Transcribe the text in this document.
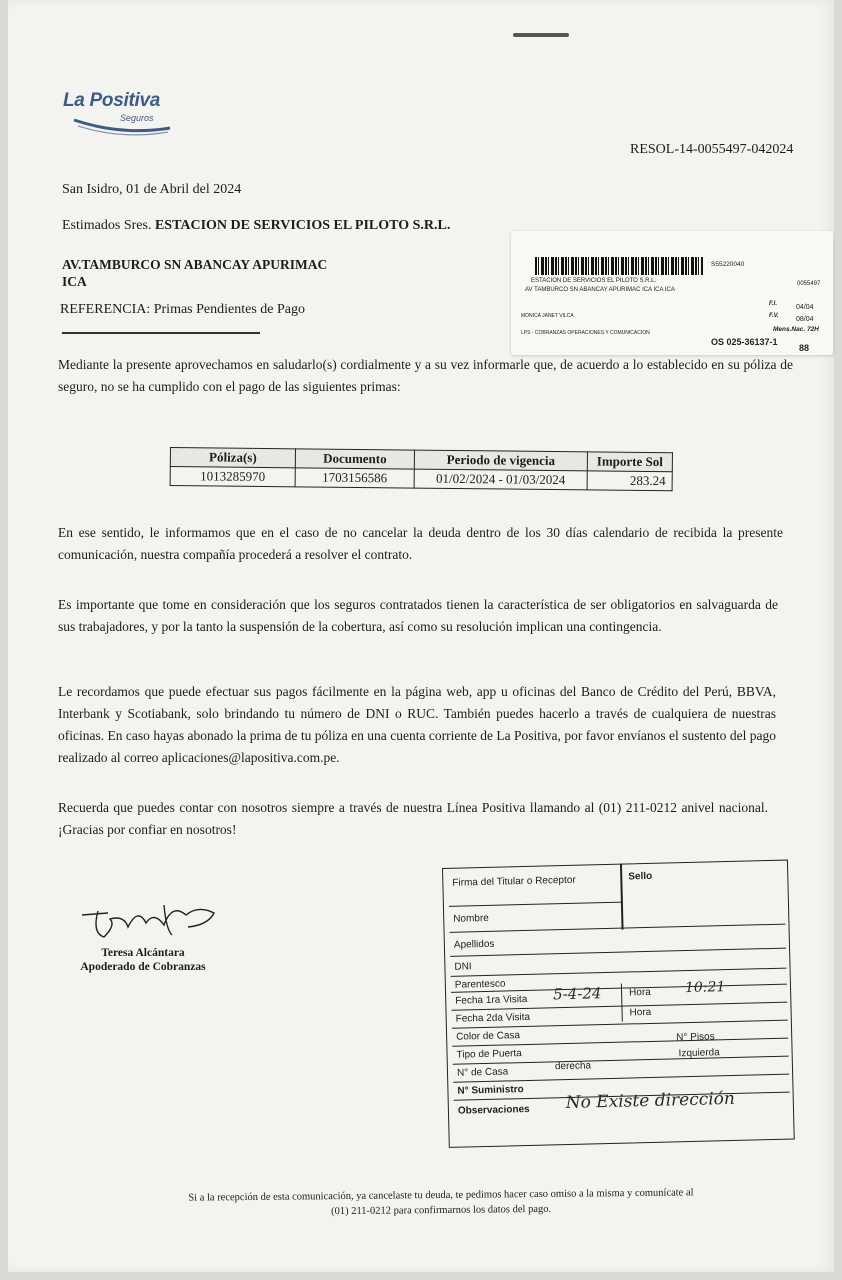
La Positiva
Seguros
RESOL-14-0055497-042024
San Isidro, 01 de Abril del 2024
Estimados Sres. ESTACION DE SERVICIOS EL PILOTO S.R.L.
AV.TAMBURCO SN ABANCAY APURIMAC
ICA
REFERENCIA: Primas Pendientes de Pago
S55220040
ESTACION DE SERVICIOS EL PILOTO S.R.L.
AV TAMBURCO SN ABANCAY APURIMAC ICA ICA ICA
0055497
MONICA JANET VILCA
LPS - COBRANZAS OPERACIONES Y COMUNICACION
F.I.	04/04
F.V. 08/04
Mens.Nac. 72H
OS 025-36137-1
88
Mediante la presente aprovechamos en saludarlo(s) cordialmente y a su vez informarle que, de acuerdo a lo establecido en su póliza de seguro, no se ha cumplido con el pago de las siguientes primas:
Póliza(s)	Documento	Periodo de vigencia	Importe Sol
1013285970	1703156586	01/02/2024 - 01/03/2024	283.24
En ese sentido, le informamos que en el caso de no cancelar la deuda dentro de los 30 días calendario de recibida la presente comunicación, nuestra compañía procederá a resolver el contrato.
Es importante que tome en consideración que los seguros contratados tienen la característica de ser obligatorios en salvaguarda de sus trabajadores, y por la tanto la suspensión de la cobertura, así como su resolución implican una contingencia.
Le recordamos que puede efectuar sus pagos fácilmente en la página web, app u oficinas del Banco de Crédito del Perú, BBVA, Interbank y Scotiabank, solo brindando tu número de DNI o RUC. También puedes hacerlo a través de cualquiera de nuestras oficinas. En caso hayas abonado la prima de tu póliza en una cuenta corriente de La Positiva, por favor envíanos el sustento del pago realizado al correo aplicaciones@lapositiva.com.pe.
Recuerda que puedes contar con nosotros siempre a través de nuestra Línea Positiva llamando al (01) 211-0212 anivel nacional. ¡Gracias por confiar en nosotros!
Teresa Alcántara
Apoderado de Cobranzas
Firma del Titular o Receptor	Sello
Nombre
Apellidos
DNI
Parentesco
Fecha 1ra Visita 5-4-24	Hora 10:21
Fecha 2da Visita	Hora
Color de Casa	N° Pisos
Tipo de Puerta	Izquierda
N° de Casa
derecha
N° Suministro
Observaciones No Existe dirección
Si a la recepción de esta comunicación, ya cancelaste tu deuda, te pedimos hacer caso omiso a la misma y comunícate al
(01) 211-0212 para confirmarnos los datos del pago.
